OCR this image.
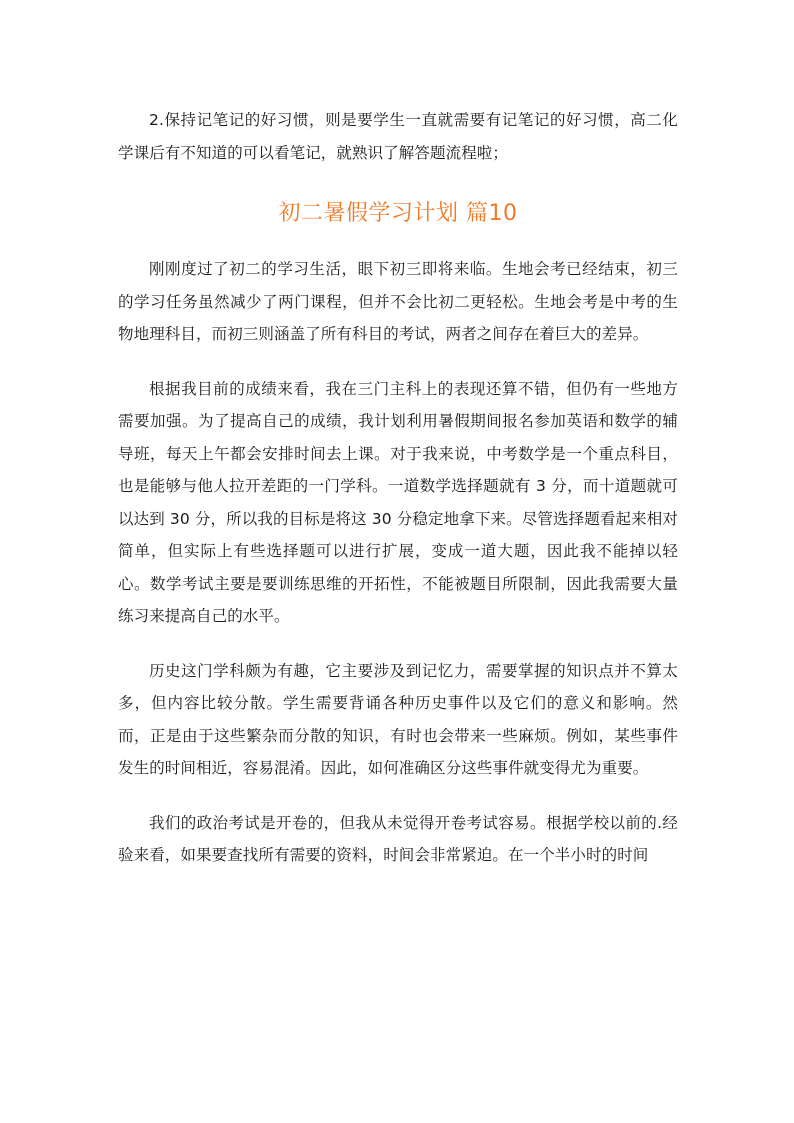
2.保持记笔记的好习惯，则是要学生一直就需要有记笔记的好习惯，高二化学课后有不知道的可以看笔记，就熟识了解答题流程啦；

初二暑假学习计划 篇10

刚刚度过了初二的学习生活，眼下初三即将来临。生地会考已经结束，初三的学习任务虽然减少了两门课程，但并不会比初二更轻松。生地会考是中考的生物地理科目，而初三则涵盖了所有科目的考试，两者之间存在着巨大的差异。

根据我目前的成绩来看，我在三门主科上的表现还算不错，但仍有一些地方需要加强。为了提高自己的成绩，我计划利用暑假期间报名参加英语和数学的辅导班，每天上午都会安排时间去上课。对于我来说，中考数学是一个重点科目，也是能够与他人拉开差距的一门学科。一道数学选择题就有 3 分，而十道题就可以达到 30 分，所以我的目标是将这 30 分稳定地拿下来。尽管选择题看起来相对简单，但实际上有些选择题可以进行扩展，变成一道大题，因此我不能掉以轻心。数学考试主要是要训练思维的开拓性，不能被题目所限制，因此我需要大量练习来提高自己的水平。

历史这门学科颇为有趣，它主要涉及到记忆力，需要掌握的知识点并不算太多，但内容比较分散。学生需要背诵各种历史事件以及它们的意义和影响。然而，正是由于这些繁杂而分散的知识，有时也会带来一些麻烦。例如，某些事件发生的时间相近，容易混淆。因此，如何准确区分这些事件就变得尤为重要。

我们的政治考试是开卷的，但我从未觉得开卷考试容易。根据学校以前的.经验来看，如果要查找所有需要的资料，时间会非常紧迫。在一个半小时的时间
